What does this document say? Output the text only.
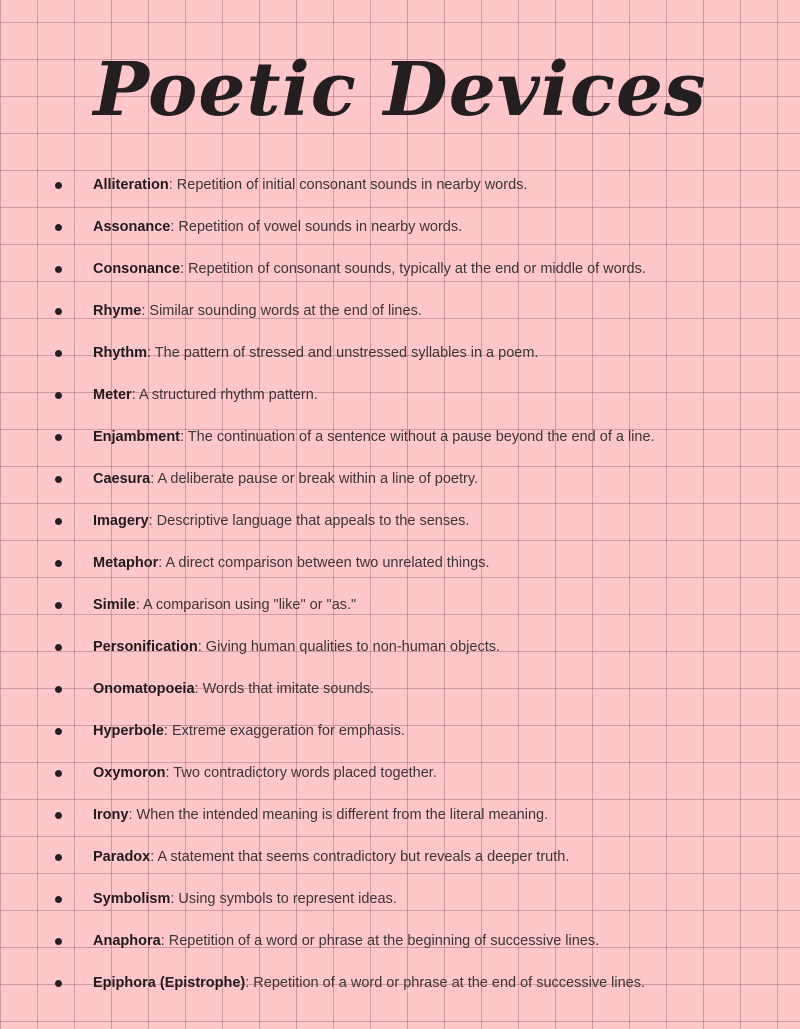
Poetic Devices
Alliteration: Repetition of initial consonant sounds in nearby words.
Assonance: Repetition of vowel sounds in nearby words.
Consonance: Repetition of consonant sounds, typically at the end or middle of words.
Rhyme: Similar sounding words at the end of lines.
Rhythm: The pattern of stressed and unstressed syllables in a poem.
Meter: A structured rhythm pattern.
Enjambment: The continuation of a sentence without a pause beyond the end of a line.
Caesura: A deliberate pause or break within a line of poetry.
Imagery: Descriptive language that appeals to the senses.
Metaphor: A direct comparison between two unrelated things.
Simile: A comparison using "like" or "as."
Personification: Giving human qualities to non-human objects.
Onomatopoeia: Words that imitate sounds.
Hyperbole: Extreme exaggeration for emphasis.
Oxymoron: Two contradictory words placed together.
Irony: When the intended meaning is different from the literal meaning.
Paradox: A statement that seems contradictory but reveals a deeper truth.
Symbolism: Using symbols to represent ideas.
Anaphora: Repetition of a word or phrase at the beginning of successive lines.
Epiphora (Epistrophe): Repetition of a word or phrase at the end of successive lines.
